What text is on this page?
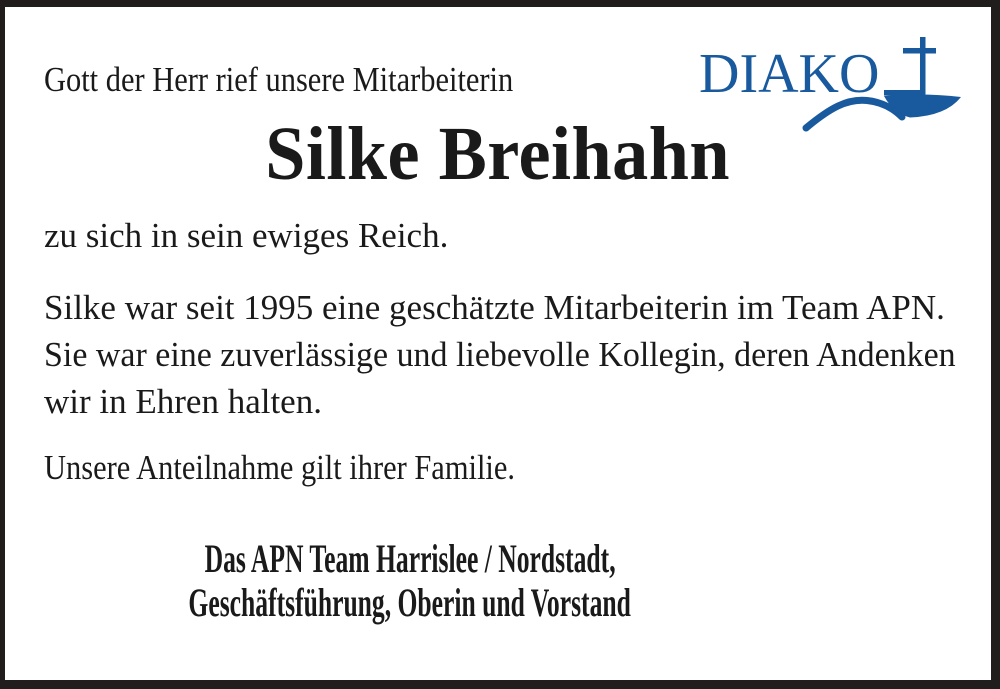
Gott der Herr rief unsere Mitarbeiterin	DIAKO
Silke Breihahn
zu sich in sein ewiges Reich.
Silke war seit 1995 eine geschätzte Mitarbeiterin im Team APN.
Sie war eine zuverlässige und liebevolle Kollegin, deren Andenken
wir in Ehren halten.
Unsere Anteilnahme gilt ihrer Familie.
Das APN Team Harrislee / Nordstadt,
Geschäftsführung, Oberin und Vorstand
